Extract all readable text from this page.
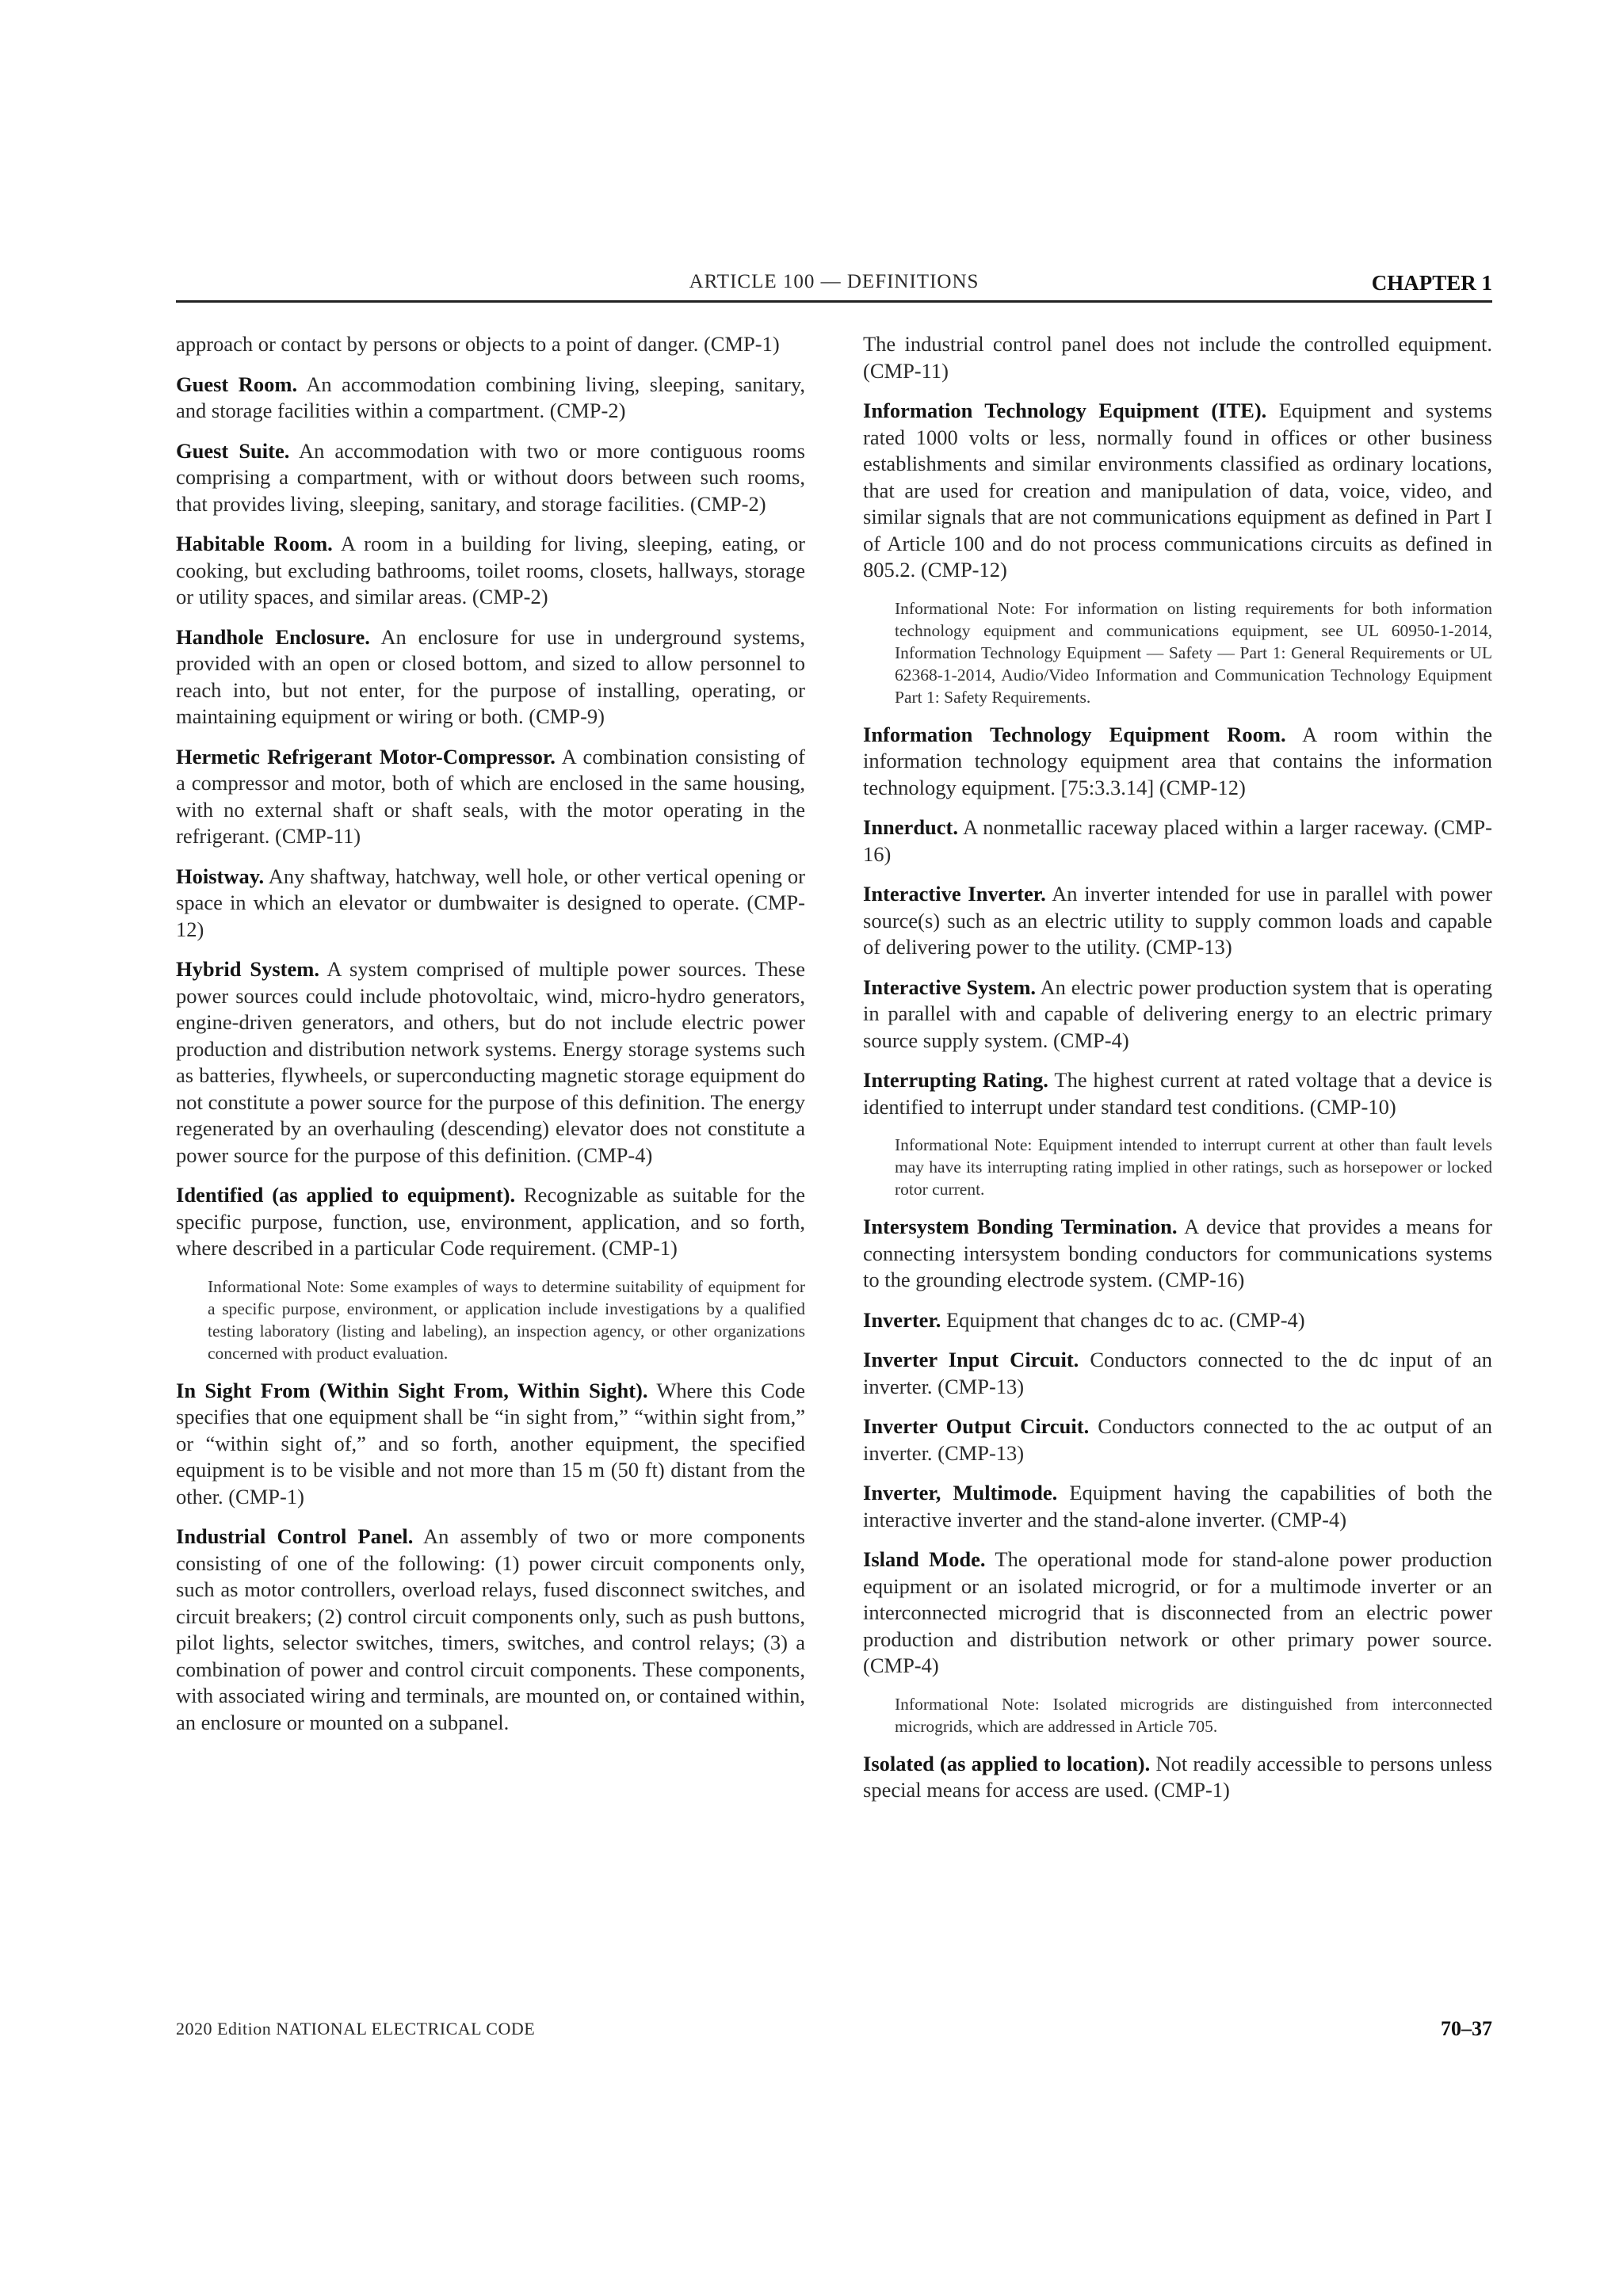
ARTICLE 100 — DEFINITIONS	CHAPTER 1
approach or contact by persons or objects to a point of danger. (CMP-1)
Guest Room. An accommodation combining living, sleeping, sanitary, and storage facilities within a compartment. (CMP-2)
Guest Suite. An accommodation with two or more contiguous rooms comprising a compartment, with or without doors between such rooms, that provides living, sleeping, sanitary, and storage facilities. (CMP-2)
Habitable Room. A room in a building for living, sleeping, eating, or cooking, but excluding bathrooms, toilet rooms, closets, hallways, storage or utility spaces, and similar areas. (CMP-2)
Handhole Enclosure. An enclosure for use in underground systems, provided with an open or closed bottom, and sized to allow personnel to reach into, but not enter, for the purpose of installing, operating, or maintaining equipment or wiring or both. (CMP-9)
Hermetic Refrigerant Motor-Compressor. A combination consisting of a compressor and motor, both of which are enclosed in the same housing, with no external shaft or shaft seals, with the motor operating in the refrigerant. (CMP-11)
Hoistway. Any shaftway, hatchway, well hole, or other vertical opening or space in which an elevator or dumbwaiter is designed to operate. (CMP-12)
Hybrid System. A system comprised of multiple power sources. These power sources could include photovoltaic, wind, micro-hydro generators, engine-driven generators, and others, but do not include electric power production and distribution network systems. Energy storage systems such as batteries, flywheels, or superconducting magnetic storage equipment do not constitute a power source for the purpose of this definition. The energy regenerated by an overhauling (descending) elevator does not constitute a power source for the purpose of this definition. (CMP-4)
Identified (as applied to equipment). Recognizable as suitable for the specific purpose, function, use, environment, application, and so forth, where described in a particular Code requirement. (CMP-1)
Informational Note: Some examples of ways to determine suitability of equipment for a specific purpose, environment, or application include investigations by a qualified testing laboratory (listing and labeling), an inspection agency, or other organizations concerned with product evaluation.
In Sight From (Within Sight From, Within Sight). Where this Code specifies that one equipment shall be “in sight from,” “within sight from,” or “within sight of,” and so forth, another equipment, the specified equipment is to be visible and not more than 15 m (50 ft) distant from the other. (CMP-1)
Industrial Control Panel. An assembly of two or more components consisting of one of the following: (1) power circuit components only, such as motor controllers, overload relays, fused disconnect switches, and circuit breakers; (2) control circuit components only, such as push buttons, pilot lights, selector switches, timers, switches, and control relays; (3) a combination of power and control circuit components. These components, with associated wiring and terminals, are mounted on, or contained within, an enclosure or mounted on a subpanel.
The industrial control panel does not include the controlled equipment. (CMP-11)
Information Technology Equipment (ITE). Equipment and systems rated 1000 volts or less, normally found in offices or other business establishments and similar environments classified as ordinary locations, that are used for creation and manipulation of data, voice, video, and similar signals that are not communications equipment as defined in Part I of Article 100 and do not process communications circuits as defined in 805.2. (CMP-12)
Informational Note: For information on listing requirements for both information technology equipment and communications equipment, see UL 60950-1-2014, Information Technology Equipment — Safety — Part 1: General Requirements or UL 62368-1-2014, Audio/Video Information and Communication Technology Equipment Part 1: Safety Requirements.
Information Technology Equipment Room. A room within the information technology equipment area that contains the information technology equipment. [75:3.3.14] (CMP-12)
Innerduct. A nonmetallic raceway placed within a larger raceway. (CMP-16)
Interactive Inverter. An inverter intended for use in parallel with power source(s) such as an electric utility to supply common loads and capable of delivering power to the utility. (CMP-13)
Interactive System. An electric power production system that is operating in parallel with and capable of delivering energy to an electric primary source supply system. (CMP-4)
Interrupting Rating. The highest current at rated voltage that a device is identified to interrupt under standard test conditions. (CMP-10)
Informational Note: Equipment intended to interrupt current at other than fault levels may have its interrupting rating implied in other ratings, such as horsepower or locked rotor current.
Intersystem Bonding Termination. A device that provides a means for connecting intersystem bonding conductors for communications systems to the grounding electrode system. (CMP-16)
Inverter. Equipment that changes dc to ac. (CMP-4)
Inverter Input Circuit. Conductors connected to the dc input of an inverter. (CMP-13)
Inverter Output Circuit. Conductors connected to the ac output of an inverter. (CMP-13)
Inverter, Multimode. Equipment having the capabilities of both the interactive inverter and the stand-alone inverter. (CMP-4)
Island Mode. The operational mode for stand-alone power production equipment or an isolated microgrid, or for a multimode inverter or an interconnected microgrid that is disconnected from an electric power production and distribution network or other primary power source. (CMP-4)
Informational Note: Isolated microgrids are distinguished from interconnected microgrids, which are addressed in Article 705.
Isolated (as applied to location). Not readily accessible to persons unless special means for access are used. (CMP-1)
2020 Edition NATIONAL ELECTRICAL CODE	70–37
